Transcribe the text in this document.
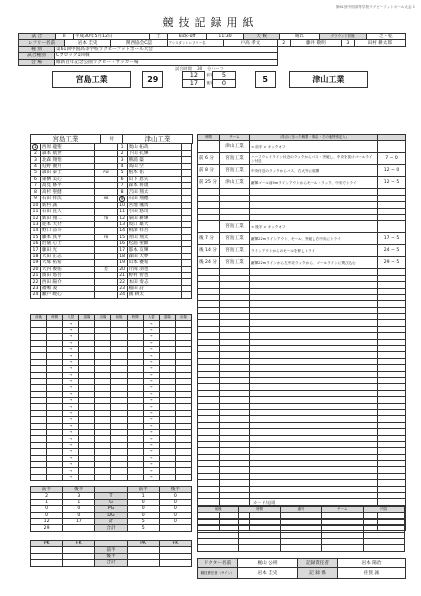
第61回中国高等学校ラグビーフットボール大会 1
競技記録用紙
試 合	II	平成30年5月12日	土	kick-off	11:30	天 候	晴れ	グラウンド状態	芝・乾
レフリー名前	岩本 圭史	関西協会C認	アシスタントレフリー名	戸高 孝文	2	藤井 敬明	3	田村 耕太郎
種 別	第61回中国高等学校ラグビーフットボール大会
試合種別	Cブロック1回戦
会 場	維新百年記念公園ラグビー・サッカー場
試合時間 30 分ハーフ
宮島工業		29		12	前半	5		5		津山工業
				17	後半	0				
宮島工業	対	津山工業
1	西原 龍聖		1	奥山 拓哉	
2	森本 航世		2	下山 孔輝	
3	北森 翔悟		3	勝浦 築	
4	迫野 優月		4	高山 空	
5	森田 泰士	FW	5	植木 佑	
6	東栖 美心		6	山下 恩矢	
7	高見 修平		7	森本 将規	
8	高杉 聖健		8	吉田 翔太	
9	石田 祥汰	HB	9	石田 翔穂	
10	新村 誠		10	宮地 颯馬	
11	石田 直人		11	小田 悠司	
12	新田 翔二	TB	12	菊田 耕輝	
13	迎本 大介		13	坂口 雄大	
14	野口 詩斗		14	相澤 祥吾	
15	藤本 真平	FB	15	青山 翔太	
16	治儀 心士		16	松浦 聖顕	
17	藤田 光		17	都本 友輝	
18	大田 正志		18	森田 大夢	
19	大塚 祐希		19	山本 優希	
20	大内 俊佑	控	20	片岡 羽也	
21	濱田 悠吾		21	野村 智也	
22	西田 陽介		22	本田 奏志	
23	福嶋 凌		23	稲田 詩	
24	瀬戸 暁心		24	國 耕太	
時間	チーム	（得点に至った概要・事由・その他特別記入）	
	津山工業	< 前半 > キックオフ	
前 6 分	宮島工業	ハーフウェイライン付近のラックからパス・突破し、中央を抜けゴールライン付近	7 − 0
前 8 分	宮島工業	中央付近のラックからパス、右大外に展開	12 − 0
前 25 分	津山工業	敵陣ゴール前5mラインアウトからモール・ラック、中央でトライ	12 − 5

	宮島工業	< 後半 > キックオフ	
後 7 分	宮島工業	敵陣22mラインアウト、モール、突破し右中央にトライ	17 − 5
後 14 分	宮島工業	ラインアウトからのモールを押しトライ	24 − 5
後 24 分	宮島工業	敵陣22mラインから左中央ラックから、ゴールラインに飛び込む	29 − 5

前後	時間	入替	退場	出場	前後	時間	入替	退場	出場
		→					→		
		→					→		
		→					→		
		→					→		
		→					→		
		→					→		
		→					→		
		→					→		
		→					→		
		→					→		
		→					→		
		→					→		
		→					→		
		→					→		
		→					→		
		→					→		
		→					→		
		→					→		
		→					→		
		→					→		
		→					→		
		→					→		
		→					→		
		→					→		
		→					→		
カード/退場
前後	時間	番号	チーム	内容

前半	後半		前半	後半
2	3	T	1	0
1	1	G	0	0
0	0	PG	0	0
0	0	DG	0	0
12	17	計	5	0
29		合計	5	
PK	FK		PK	FK
		前半		
		後半		
		合計			ドクター名前	梶山 公則	記録責任者	岩本 陽治
競技責任者（サイン）	岩本 圭史	記 録 係	佐賀 誠
